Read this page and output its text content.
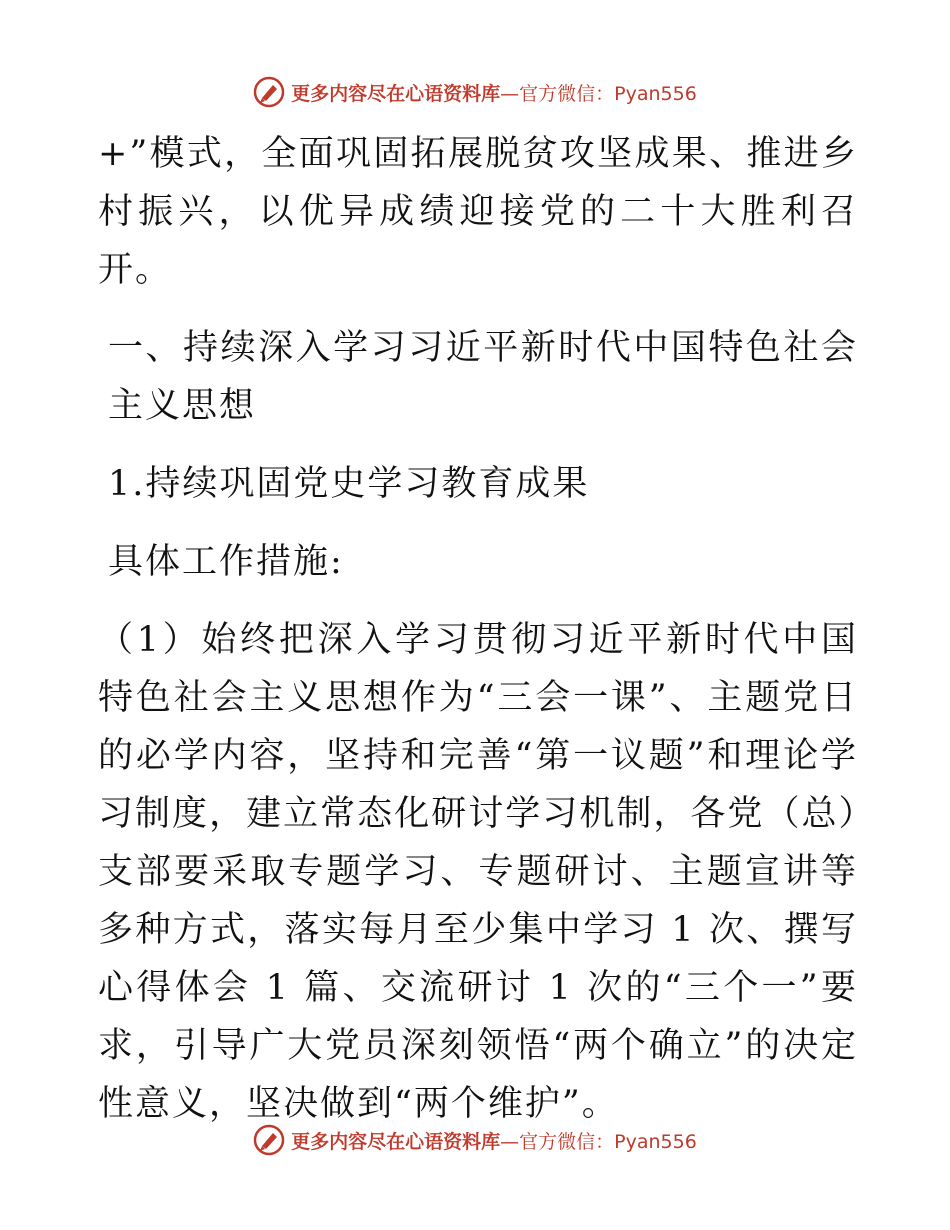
更多内容尽在心语资料库—官方微信：Pyan556

+”模式，全面巩固拓展脱贫攻坚成果、推进乡村振兴，以优异成绩迎接党的二十大胜利召开。

一、持续深入学习习近平新时代中国特色社会主义思想

1.持续巩固党史学习教育成果

具体工作措施:

（1）始终把深入学习贯彻习近平新时代中国特色社会主义思想作为“三会一课”、主题党日的必学内容，坚持和完善“第一议题”和理论学习制度，建立常态化研讨学习机制，各党（总）支部要采取专题学习、专题研讨、主题宣讲等多种方式，落实每月至少集中学习 1 次、撰写心得体会 1 篇、交流研讨 1 次的“三个一”要求，引导广大党员深刻领悟“两个确立”的决定性意义，坚决做到“两个维护”。

更多内容尽在心语资料库—官方微信：Pyan556
